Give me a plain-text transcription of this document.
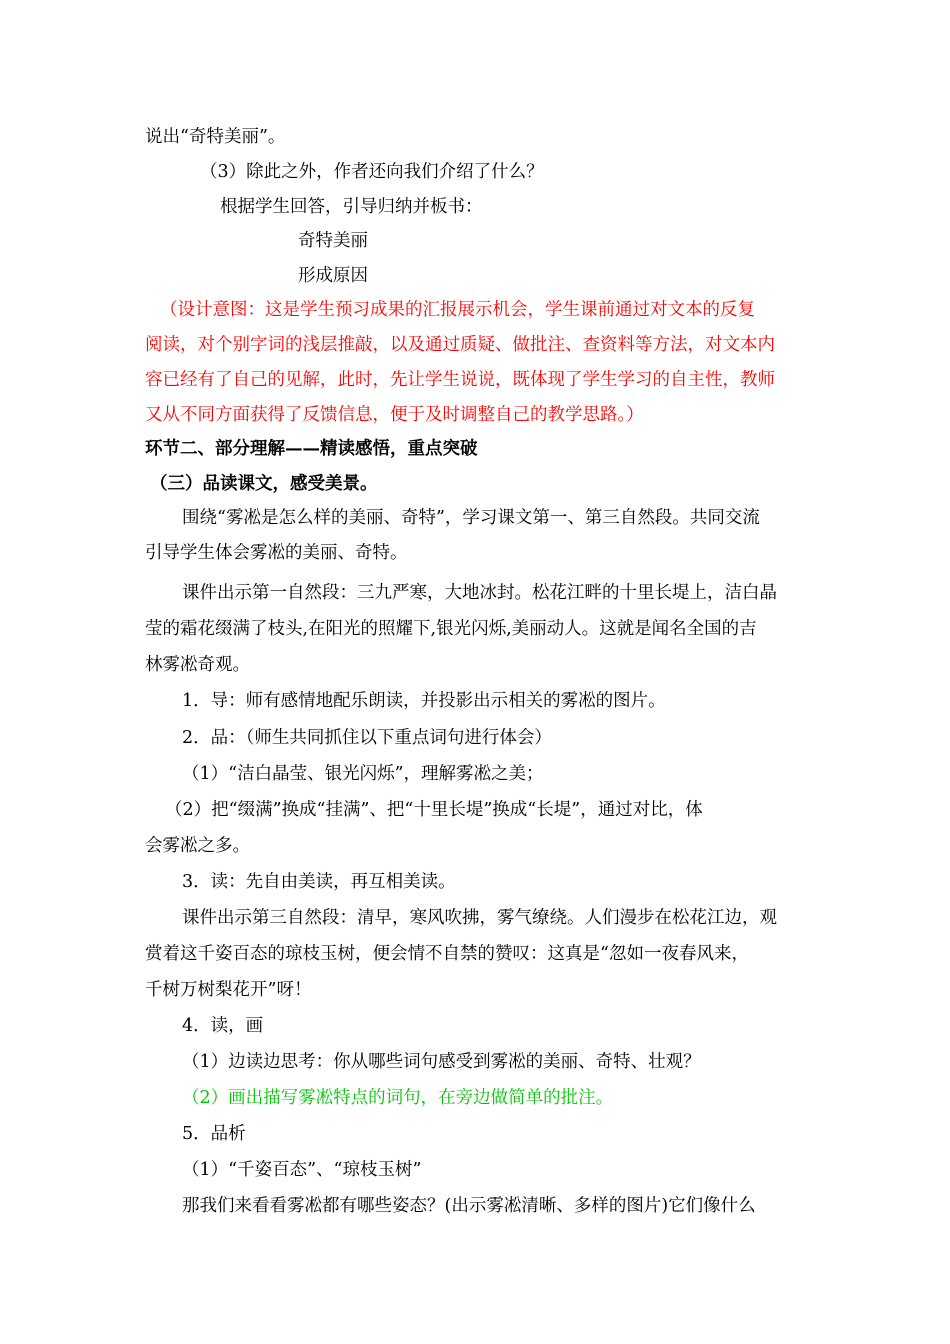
说出“奇特美丽”。
（3）除此之外，作者还向我们介绍了什么？
根据学生回答，引导归纳并板书：
奇特美丽
形成原因
（设计意图：这是学生预习成果的汇报展示机会，学生课前通过对文本的反复
阅读，对个别字词的浅层推敲，以及通过质疑、做批注、查资料等方法，对文本内
容已经有了自己的见解，此时，先让学生说说，既体现了学生学习的自主性，教师
又从不同方面获得了反馈信息，便于及时调整自己的教学思路。）
环节二、部分理解——精读感悟，重点突破
（三）品读课文，感受美景。
围绕“雾凇是怎么样的美丽、奇特”，学习课文第一、第三自然段。共同交流
引导学生体会雾凇的美丽、奇特。
课件出示第一自然段：三九严寒，大地冰封。松花江畔的十里长堤上，洁白晶
莹的霜花缀满了枝头,在阳光的照耀下,银光闪烁,美丽动人。这就是闻名全国的吉
林雾凇奇观。
1．导：师有感情地配乐朗读，并投影出示相关的雾凇的图片。
2．品：（师生共同抓住以下重点词句进行体会）
（1）“洁白晶莹、银光闪烁”，理解雾凇之美；
（2）把“缀满”换成“挂满”、把“十里长堤”换成“长堤”，通过对比，体
会雾凇之多。
3．读：先自由美读，再互相美读。
课件出示第三自然段：清早，寒风吹拂，雾气缭绕。人们漫步在松花江边，观
赏着这千姿百态的琼枝玉树，便会情不自禁的赞叹：这真是“忽如一夜春风来，
千树万树梨花开”呀！
4．读，画
（1）边读边思考：你从哪些词句感受到雾凇的美丽、奇特、壮观？
（2）画出描写雾凇特点的词句，在旁边做简单的批注。
5．品析
（1）“千姿百态”、“琼枝玉树”
那我们来看看雾凇都有哪些姿态？(出示雾凇清晰、多样的图片)它们像什么
